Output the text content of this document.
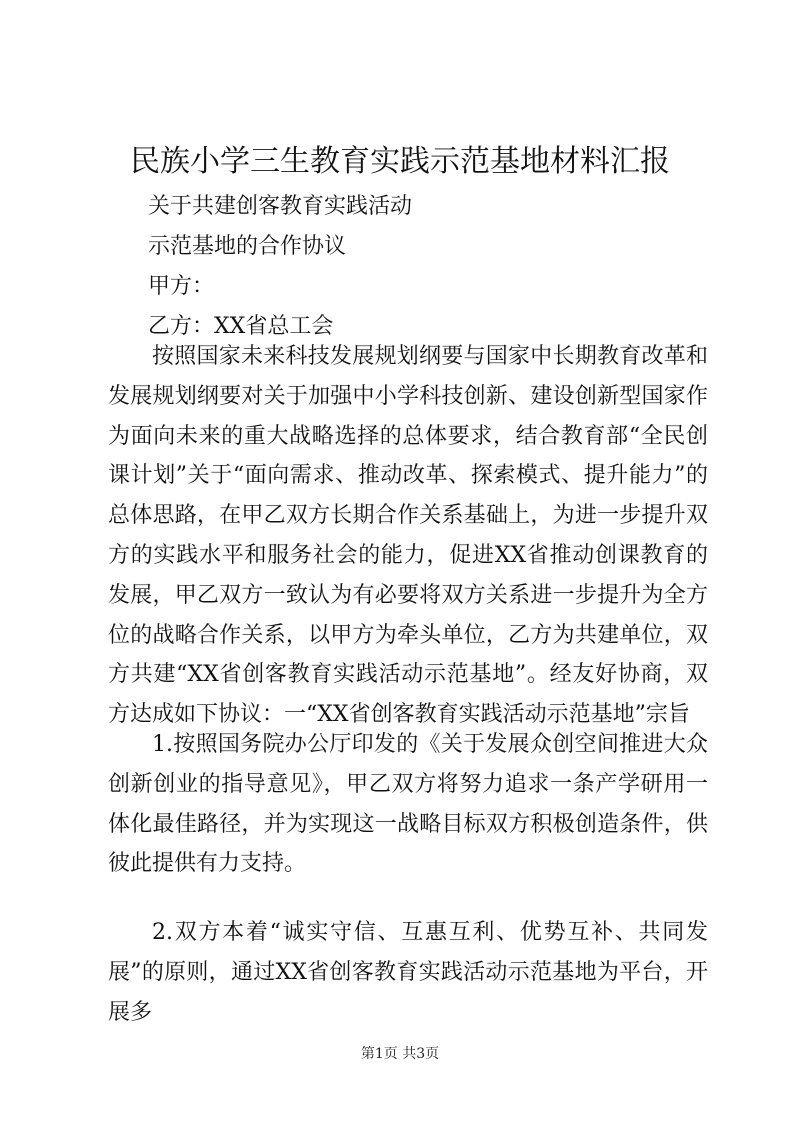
民族小学三生教育实践示范基地材料汇报

关于共建创客教育实践活动

示范基地的合作协议

甲方：

乙方：XX省总工会

按照国家未来科技发展规划纲要与国家中长期教育改革和发展规划纲要对关于加强中小学科技创新、建设创新型国家作为面向未来的重大战略选择的总体要求，结合教育部“全民创课计划”关于“面向需求、推动改革、探索模式、提升能力”的总体思路，在甲乙双方长期合作关系基础上，为进一步提升双方的实践水平和服务社会的能力，促进XX省推动创课教育的发展，甲乙双方一致认为有必要将双方关系进一步提升为全方位的战略合作关系，以甲方为牵头单位，乙方为共建单位，双方共建“XX省创客教育实践活动示范基地”。经友好协商，双方达成如下协议：一“XX省创客教育实践活动示范基地”宗旨

1.按照国务院办公厅印发的《关于发展众创空间推进大众创新创业的指导意见》，甲乙双方将努力追求一条产学研用一体化最佳路径，并为实现这一战略目标双方积极创造条件，供彼此提供有力支持。

2.双方本着“诚实守信、互惠互利、优势互补、共同发展”的原则，通过XX省创客教育实践活动示范基地为平台，开展多

第1页 共3页
